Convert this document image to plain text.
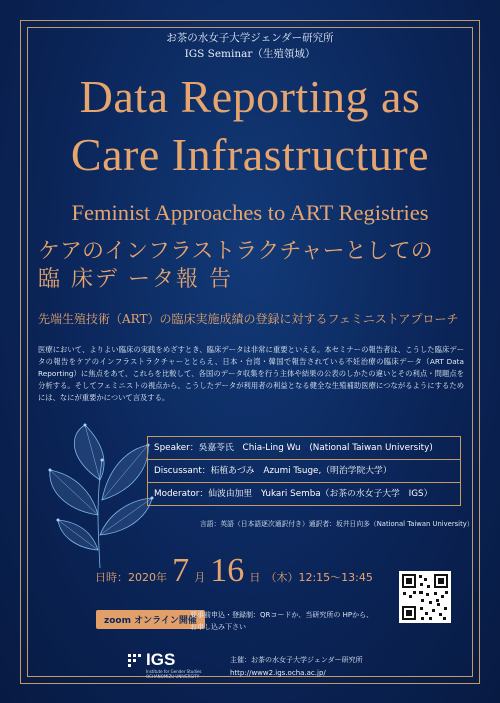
お茶の水女子大学ジェンダー研究所
IGS Seminar（生殖領域）
Data Reporting as
Care Infrastructure
Feminist Approaches to ART Registries
ケアのインフラストラクチャーとしての
臨 床デ ータ報 告
先端生殖技術（ART）の臨床実施成績の登録に対するフェミニストアプローチ
医療において、よりよい臨床の実践をめざすとき、臨床データは非常に重要といえる。本セミナーの報告者は、こうした臨床データの報告をケアのインフラストラクチャーととらえ、日本・台湾・韓国で報告されている不妊治療の臨床データ（ART Data Reporting）に焦点をあて、これらを比較して、各国のデータ収集を行う主体や結果の公表のしかたの違いとその利点・問題点を分析する。そしてフェミニストの視点から、こうしたデータが利用者の利益となる健全な生殖補助医療につながるようにするためには、なにが重要かについて言及する。
Speaker：吳嘉苓氏　Chia-Ling Wu　(National Taiwan University)
Discussant：柘植あづみ　Azumi Tsuge,（明治学院大学）
Moderator：仙波由加里　Yukari Semba（お茶の水女子大学　IGS）
言語：英語（日本語逐次通訳付き）通訳者：坂井日向多（National Taiwan University）
日時：2020年 7 月 16 日 （木）12:15～13:45
zoom オンライン開催
要事前申込・登録制：QRコードか、当研究所の HPから、
お申し込み下さい
IGS
Institute for Gender Studies
OCHANOMIZU UNIVERSITY
主催：お茶の水女子大学ジェンダー研究所
http://www2.igs.ocha.ac.jp/
